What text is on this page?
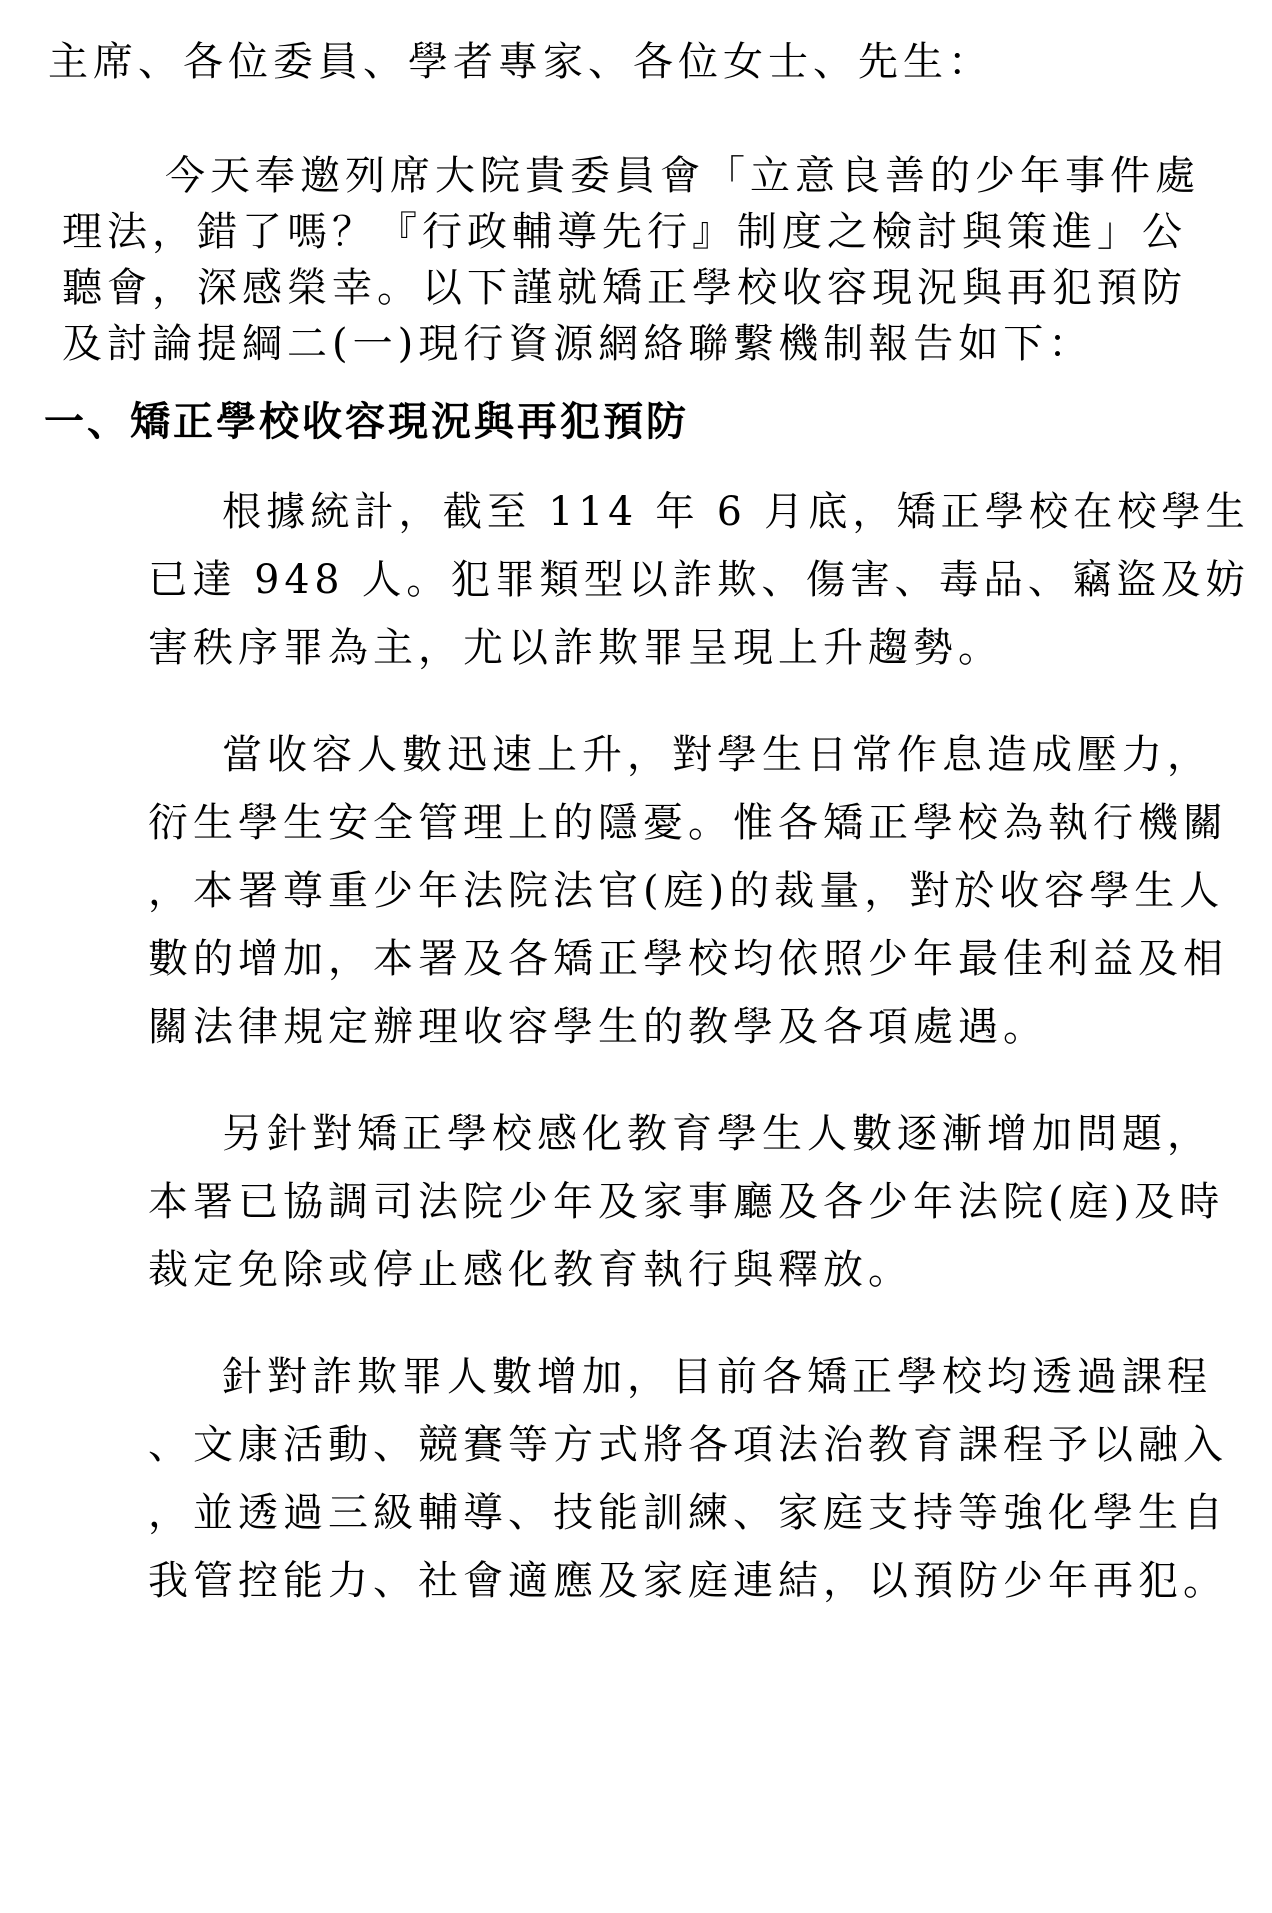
主席、各位委員、學者專家、各位女士、先生：
今天奉邀列席大院貴委員會「立意良善的少年事件處
理法，錯了嗎？『行政輔導先行』制度之檢討與策進」公
聽會，深感榮幸。以下謹就矯正學校收容現況與再犯預防
及討論提綱二(一)現行資源網絡聯繫機制報告如下：
一、矯正學校收容現況與再犯預防
根據統計，截至 114 年 6 月底，矯正學校在校學生
已達 948 人。犯罪類型以詐欺、傷害、毒品、竊盜及妨
害秩序罪為主，尤以詐欺罪呈現上升趨勢。
當收容人數迅速上升，對學生日常作息造成壓力，
衍生學生安全管理上的隱憂。惟各矯正學校為執行機關
，本署尊重少年法院法官(庭)的裁量，對於收容學生人
數的增加，本署及各矯正學校均依照少年最佳利益及相
關法律規定辦理收容學生的教學及各項處遇。
另針對矯正學校感化教育學生人數逐漸增加問題，
本署已協調司法院少年及家事廳及各少年法院(庭)及時
裁定免除或停止感化教育執行與釋放。
針對詐欺罪人數增加，目前各矯正學校均透過課程
、文康活動、競賽等方式將各項法治教育課程予以融入
，並透過三級輔導、技能訓練、家庭支持等強化學生自
我管控能力、社會適應及家庭連結，以預防少年再犯。
